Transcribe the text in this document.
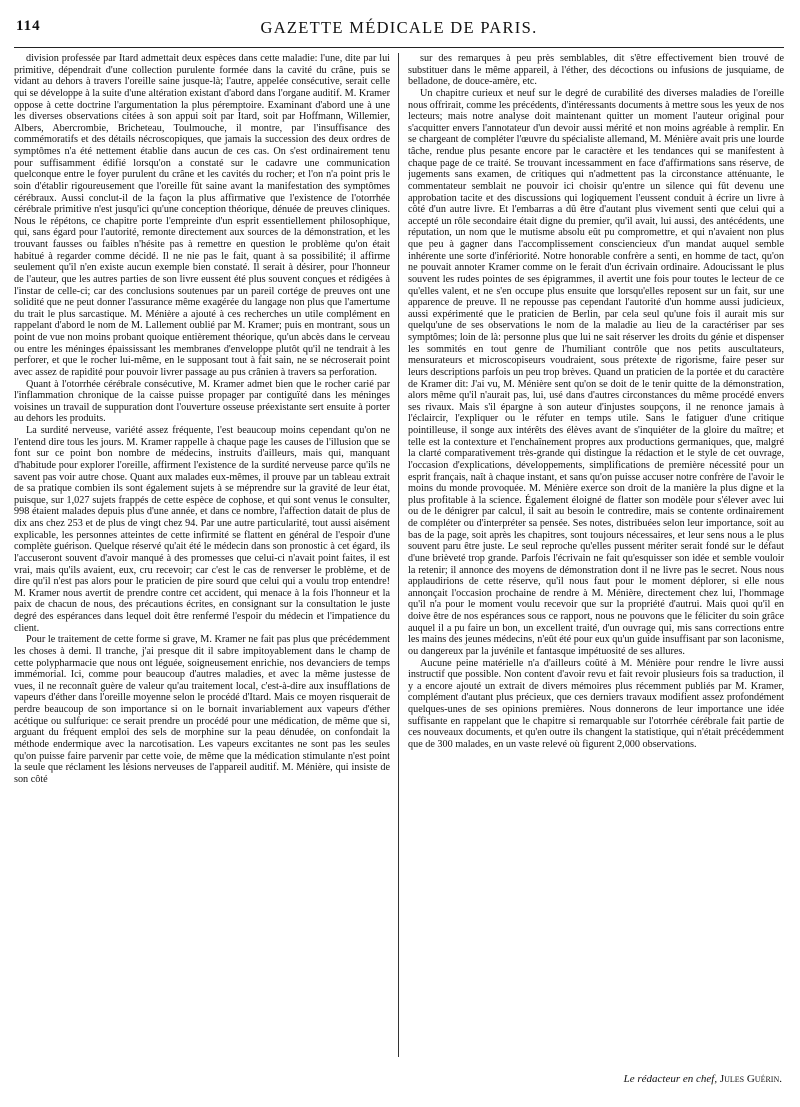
114	GAZETTE MÉDICALE DE PARIS.

division professée par Itard admettait deux espèces dans cette maladie: l'une, dite par lui primitive, dépendrait d'une collection purulente formée dans la cavité du crâne, puis se vidant au dehors à travers l'oreille saine jusque-là; l'autre, appelée consécutive, serait celle qui se développe à la suite d'une altération existant d'abord dans l'organe auditif. M. Kramer oppose à cette doctrine l'argumentation la plus péremptoire. Examinant d'abord une à une les diverses observations citées à son appui soit par Itard, soit par Hoffmann, Willemier, Albers, Abercrombie, Bricheteau, Toulmouche, il montre, par l'insuffisance des commémoratifs et des détails nécroscopiques, que jamais la succession des deux ordres de symptômes n'a été nettement établie dans aucun de ces cas. On s'est ordinairement tenu pour suffisamment édifié lorsqu'on a constaté sur le cadavre une communication quelconque entre le foyer purulent du crâne et les cavités du rocher; et l'on n'a point pris le soin d'établir rigoureusement que l'oreille fût saine avant la manifestation des symptômes cérébraux. Aussi conclut-il de la façon la plus affirmative que l'existence de l'otorrhée cérébrale primitive n'est jusqu'ici qu'une conception théorique, dénuée de preuves cliniques. Nous le répétons, ce chapitre porte l'empreinte d'un esprit essentiellement philosophique, qui, sans égard pour l'autorité, remonte directement aux sources de la démonstration, et les trouvant fausses ou faibles n'hésite pas à remettre en question le problème qu'on était habitué à regarder comme décidé. Il ne nie pas le fait, quant à sa possibilité; il affirme seulement qu'il n'en existe aucun exemple bien constaté. Il serait à désirer, pour l'honneur de l'auteur, que les autres parties de son livre eussent été plus souvent conçues et rédigées à l'instar de celle-ci; car des conclusions soutenues par un pareil cortége de preuves ont une solidité que ne peut donner l'assurance même exagérée du langage non plus que l'amertume du trait le plus sarcastique. M. Ménière a ajouté à ces recherches un utile complément en rappelant d'abord le nom de M. Lallement oublié par M. Kramer; puis en montrant, sous un point de vue non moins probant quoique entièrement théorique, qu'un abcès dans le cerveau ou entre les méninges épaississant les membranes d'enveloppe plutôt qu'il ne tendrait à les perforer, et que le rocher lui-même, en le supposant tout à fait sain, ne se nécroserait point avec assez de rapidité pour pouvoir livrer passage au pus crânien à travers sa perforation.

Quant à l'otorrhée cérébrale consécutive, M. Kramer admet bien que le rocher carié par l'inflammation chronique de la caisse puisse propager par contiguïté dans les méninges voisines un travail de suppuration dont l'ouverture osseuse préexistante sert ensuite à porter au dehors les produits.

La surdité nerveuse, variété assez fréquente, l'est beaucoup moins cependant qu'on ne l'entend dire tous les jours. M. Kramer rappelle à chaque page les causes de l'illusion que se font sur ce point bon nombre de médecins, instruits d'ailleurs, mais qui, manquant d'habitude pour explorer l'oreille, affirment l'existence de la surdité nerveuse parce qu'ils ne savent pas voir autre chose. Quant aux malades eux-mêmes, il prouve par un tableau extrait de sa pratique combien ils sont également sujets à se méprendre sur la gravité de leur état, puisque, sur 1,027 sujets frappés de cette espèce de cophose, et qui sont venus le consulter, 998 étaient malades depuis plus d'une année, et dans ce nombre, l'affection datait de plus de dix ans chez 253 et de plus de vingt chez 94. Par une autre particularité, tout aussi aisément explicable, les personnes atteintes de cette infirmité se flattent en général de l'espoir d'une complète guérison. Quelque réservé qu'ait été le médecin dans son pronostic à cet égard, ils l'accuseront souvent d'avoir manqué à des promesses que celui-ci n'avait point faites, il est vrai, mais qu'ils avaient, eux, cru recevoir; car c'est le cas de renverser le problème, et de dire qu'il n'est pas alors pour le praticien de pire sourd que celui qui a voulu trop entendre! M. Kramer nous avertit de prendre contre cet accident, qui menace à la fois l'honneur et la paix de chacun de nous, des précautions écrites, en consignant sur la consultation le juste degré des espérances dans lequel doit être renfermé l'espoir du médecin et l'impatience du client.

Pour le traitement de cette forme si grave, M. Kramer ne fait pas plus que précédemment les choses à demi. Il tranche, j'ai presque dit il sabre impitoyablement dans le champ de cette polypharmacie que nous ont léguée, soigneusement enrichie, nos devanciers de temps immémorial. Ici, comme pour beaucoup d'autres maladies, et avec la même justesse de vues, il ne reconnaît guère de valeur qu'au traitement local, c'est-à-dire aux insufflations de vapeurs d'éther dans l'oreille moyenne selon le procédé d'Itard. Mais ce moyen risquerait de perdre beaucoup de son importance si on le bornait invariablement aux vapeurs d'éther acétique ou sulfurique: ce serait prendre un procédé pour une médication, de même que si, arguant du fréquent emploi des sels de morphine sur la peau dénudée, on confondait la méthode endermique avec la narcotisation. Les vapeurs excitantes ne sont pas les seules qu'on puisse faire parvenir par cette voie, de même que la médication stimulante n'est point la seule que réclament les lésions nerveuses de l'appareil auditif. M. Ménière, qui insiste de son côté

sur des remarques à peu près semblables, dit s'être effectivement bien trouvé de substituer dans le même appareil, à l'éther, des décoctions ou infusions de jusquiame, de belladone, de douce-amère, etc.

Un chapitre curieux et neuf sur le degré de curabilité des diverses maladies de l'oreille nous offrirait, comme les précédents, d'intéressants documents à mettre sous les yeux de nos lecteurs; mais notre analyse doit maintenant quitter un moment l'auteur original pour s'acquitter envers l'annotateur d'un devoir aussi mérité et non moins agréable à remplir. En se chargeant de compléter l'œuvre du spécialiste allemand, M. Ménière avait pris une lourde tâche, rendue plus pesante encore par le caractère et les tendances qui se manifestent à chaque page de ce traité. Se trouvant incessamment en face d'affirmations sans réserve, de jugements sans examen, de critiques qui n'admettent pas la circonstance atténuante, le commentateur semblait ne pouvoir ici choisir qu'entre un silence qui fût devenu une approbation tacite et des discussions qui logiquement l'eussent conduit à écrire un livre à côté d'un autre livre. Et l'embarras a dû être d'autant plus vivement senti que celui qui a accepté un rôle secondaire était digne du premier, qu'il avait, lui aussi, des antécédents, une réputation, un nom que le mutisme absolu eût pu compromettre, et qui n'avaient non plus que peu à gagner dans l'accomplissement consciencieux d'un mandat auquel semble inhérente une sorte d'infériorité. Notre honorable confrère a senti, en homme de tact, qu'on ne pouvait annoter Kramer comme on le ferait d'un écrivain ordinaire. Adoucissant le plus souvent les rudes pointes de ses épigrammes, il avertit une fois pour toutes le lecteur de ce qu'elles valent, et ne s'en occupe plus ensuite que lorsqu'elles reposent sur un fait, sur une apparence de preuve. Il ne repousse pas cependant l'autorité d'un homme aussi judicieux, aussi expérimenté que le praticien de Berlin, par cela seul qu'une fois il aurait mis sur quelqu'une de ses observations le nom de la maladie au lieu de la caractériser par ses symptômes; loin de là: personne plus que lui ne sait réserver les droits du génie et dispenser les sommités en tout genre de l'humiliant contrôle que nos petits auscultateurs, mensurateurs et microscopiseurs voudraient, sous prétexte de rigorisme, faire peser sur leurs descriptions parfois un peu trop brèves. Quand un praticien de la portée et du caractère de Kramer dit: J'ai vu, M. Ménière sent qu'on se doit de le tenir quitte de la démonstration, alors même qu'il n'aurait pas, lui, usé dans d'autres circonstances du même procédé envers ses rivaux. Mais s'il épargne à son auteur d'injustes soupçons, il ne renonce jamais à l'éclaircir, l'expliquer ou le réfuter en temps utile. Sans le fatiguer d'une critique pointilleuse, il songe aux intérêts des élèves avant de s'inquiéter de la gloire du maître; et telle est la contexture et l'enchaînement propres aux productions germaniques, que, malgré la clarté comparativement très-grande qui distingue la rédaction et le style de cet ouvrage, l'occasion d'explications, développements, simplifications de première nécessité pour un esprit français, naît à chaque instant, et sans qu'on puisse accuser notre confrère de l'avoir le moins du monde provoquée. M. Ménière exerce son droit de la manière la plus digne et la plus profitable à la science. Également éloigné de flatter son modèle pour s'élever avec lui ou de le dénigrer par calcul, il sait au besoin le contredire, mais se contente ordinairement de compléter ou d'interpréter sa pensée. Ses notes, distribuées selon leur importance, soit au bas de la page, soit après les chapitres, sont toujours nécessaires, et leur sens nous a le plus souvent paru être juste. Le seul reproche qu'elles pussent mériter serait fondé sur le défaut d'une brièveté trop grande. Parfois l'écrivain ne fait qu'esquisser son idée et semble vouloir la retenir; il annonce des moyens de démonstration dont il ne livre pas le secret. Nous nous applaudirions de cette réserve, qu'il nous faut pour le moment déplorer, si elle nous annonçait l'occasion prochaine de rendre à M. Ménière, directement chez lui, l'hommage qu'il n'a pour le moment voulu recevoir que sur la propriété d'autrui. Mais quoi qu'il en doive être de nos espérances sous ce rapport, nous ne pouvons que le féliciter du soin grâce auquel il a pu faire un bon, un excellent traité, d'un ouvrage qui, mis sans corrections entre les mains des jeunes médecins, n'eût été pour eux qu'un guide insuffisant par son laconisme, ou dangereux par la juvénile et fantasque impétuosité de ses allures.

Aucune peine matérielle n'a d'ailleurs coûté à M. Ménière pour rendre le livre aussi instructif que possible. Non content d'avoir revu et fait revoir plusieurs fois sa traduction, il y a encore ajouté un extrait de divers mémoires plus récemment publiés par M. Kramer, complément d'autant plus précieux, que ces derniers travaux modifient assez profondément quelques-unes de ses opinions premières. Nous donnerons de leur importance une idée suffisante en rappelant que le chapitre si remarquable sur l'otorrhée cérébrale fait partie de ces nouveaux documents, et qu'en outre ils changent la statistique, qui n'était précédemment que de 300 malades, en un vaste relevé où figurent 2,000 observations.

Le rédacteur en chef, Jules Guérin.
